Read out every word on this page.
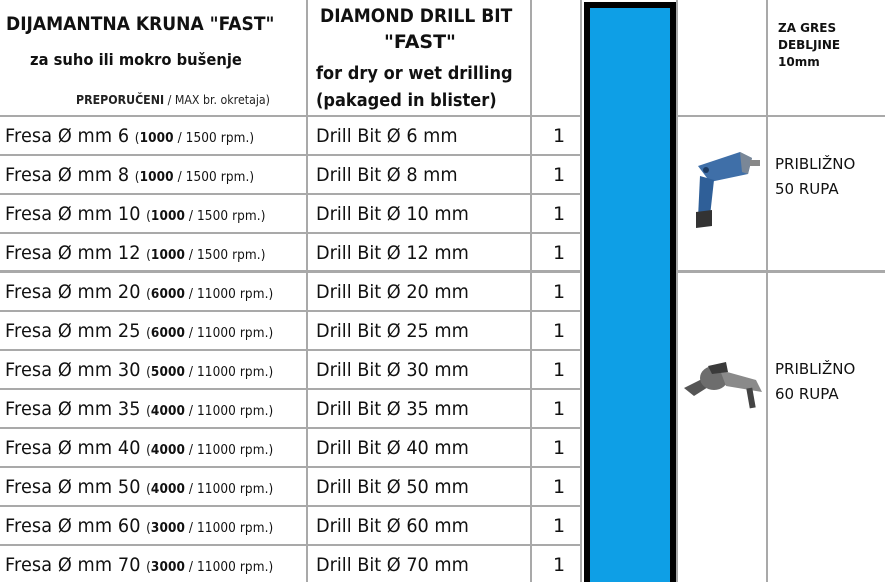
DIJAMANTNA KRUNA "FAST"
za suho ili mokro bušenje
PREPORUČENI / MAX br. okretaja)
DIAMOND DRILL BIT
"FAST"
for dry or wet drilling
(pakaged in blister)
ZA GRES
DEBLJINE
10mm
Fresa Ø mm 6 (1000 / 1500 rpm.)	Drill Bit Ø 6 mm	1
Fresa Ø mm 8 (1000 / 1500 rpm.)	Drill Bit Ø 8 mm	1
Fresa Ø mm 10 (1000 / 1500 rpm.)	Drill Bit Ø 10 mm	1
Fresa Ø mm 12 (1000 / 1500 rpm.)	Drill Bit Ø 12 mm	1
Fresa Ø mm 20 (6000 / 11000 rpm.) Drill Bit Ø 20 mm	1
Fresa Ø mm 25 (6000 / 11000 rpm.) Drill Bit Ø 25 mm	1
Fresa Ø mm 30 (5000 / 11000 rpm.) Drill Bit Ø 30 mm	1
Fresa Ø mm 35 (4000 / 11000 rpm.) Drill Bit Ø 35 mm	1
Fresa Ø mm 40 (4000 / 11000 rpm.) Drill Bit Ø 40 mm	1
Fresa Ø mm 50 (4000 / 11000 rpm.) Drill Bit Ø 50 mm	1
Fresa Ø mm 60 (3000 / 11000 rpm.) Drill Bit Ø 60 mm	1
Fresa Ø mm 70 (3000 / 11000 rpm.) Drill Bit Ø 70 mm	1
PRIBLIŽNO
50 RUPA
PRIBLIŽNO
60 RUPA
